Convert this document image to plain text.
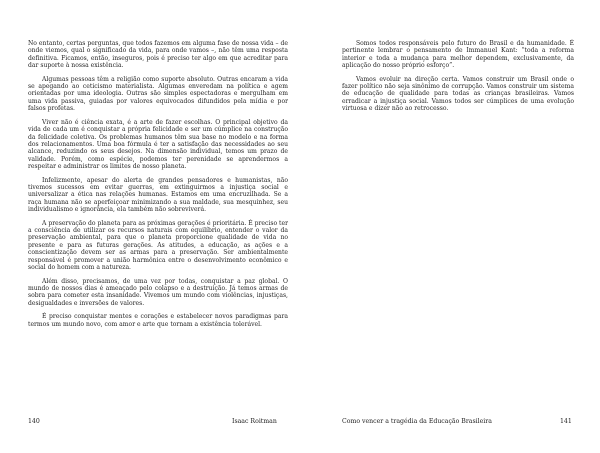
No entanto, certas perguntas, que todos fazemos em alguma fase de nossa vida – de onde viemos, qual o significado da vida, para onde vamos –, não têm uma resposta definitiva. Ficamos, então, inseguros, pois é preciso ter algo em que acreditar para dar suporte à nossa existência.

Algumas pessoas têm a religião como suporte absoluto. Outras encaram a vida se apegando ao ceticismo materialista. Algumas enveredam na política e agem orientadas por uma ideologia. Outras são simples espectadoras e mergulham em uma vida passiva, guiadas por valores equivocados difundidos pela mídia e por falsos profetas.

Viver não é ciência exata, é a arte de fazer escolhas. O principal objetivo da vida de cada um é conquistar a própria felicidade e ser um cúmplice na construção da felicidade coletiva. Os problemas humanos têm sua base no modelo e na forma dos relacionamentos. Uma boa fórmula é ter a satisfação das necessidades ao seu alcance, reduzindo os seus desejos. Na dimensão individual, temos um prazo de validade. Porém, como espécie, podemos ter perenidade se aprendermos a respeitar e administrar os limites de nosso planeta.

Infelizmente, apesar do alerta de grandes pensadores e humanistas, não tivemos sucessos em evitar guerras, em extinguirmos a injustiça social e universalizar a ética nas relações humanas. Estamos em uma encruzilhada. Se a raça humana não se aperfeiçoar minimizando a sua maldade, sua mesquinhez, seu individualismo e ignorância, ela também não sobreviverá.

A preservação do planeta para as próximas gerações é prioritária. É preciso ter a consciência de utilizar os recursos naturais com equilíbrio, entender o valor da preservação ambiental, para que o planeta proporcione qualidade de vida no presente e para as futuras gerações. As atitudes, a educação, as ações e a conscientização devem ser as armas para a preservação. Ser ambientalmente responsável é promover a união harmônica entre o desenvolvimento econômico e social do homem com a natureza.

Além disso, precisamos, de uma vez por todas, conquistar a paz global. O mundo de nossos dias é ameaçado pelo colapso e a destruição. Já temos armas de sobra para cometer esta insanidade. Vivemos um mundo com violências, injustiças, desigualdades e inversões de valores.

É preciso conquistar mentes e corações e estabelecer novos paradigmas para termos um mundo novo, com amor e arte que tornam a existência tolerável.

140	Isaac Roitman

Somos todos responsáveis pelo futuro do Brasil e da humanidade. É pertinente lembrar o pensamento de Immanuel Kant: “toda a reforma interior e toda a mudança para melhor dependem, exclusivamente, da aplicação do nosso próprio esforço”.

Vamos evoluir na direção certa. Vamos construir um Brasil onde o fazer político não seja sinônimo de corrupção. Vamos construir um sistema de educação de qualidade para todas as crianças brasileiras. Vamos erradicar a injustiça social. Vamos todos ser cúmplices de uma evolução virtuosa e dizer não ao retrocesso.

Como vencer a tragédia da Educação Brasileira	141
